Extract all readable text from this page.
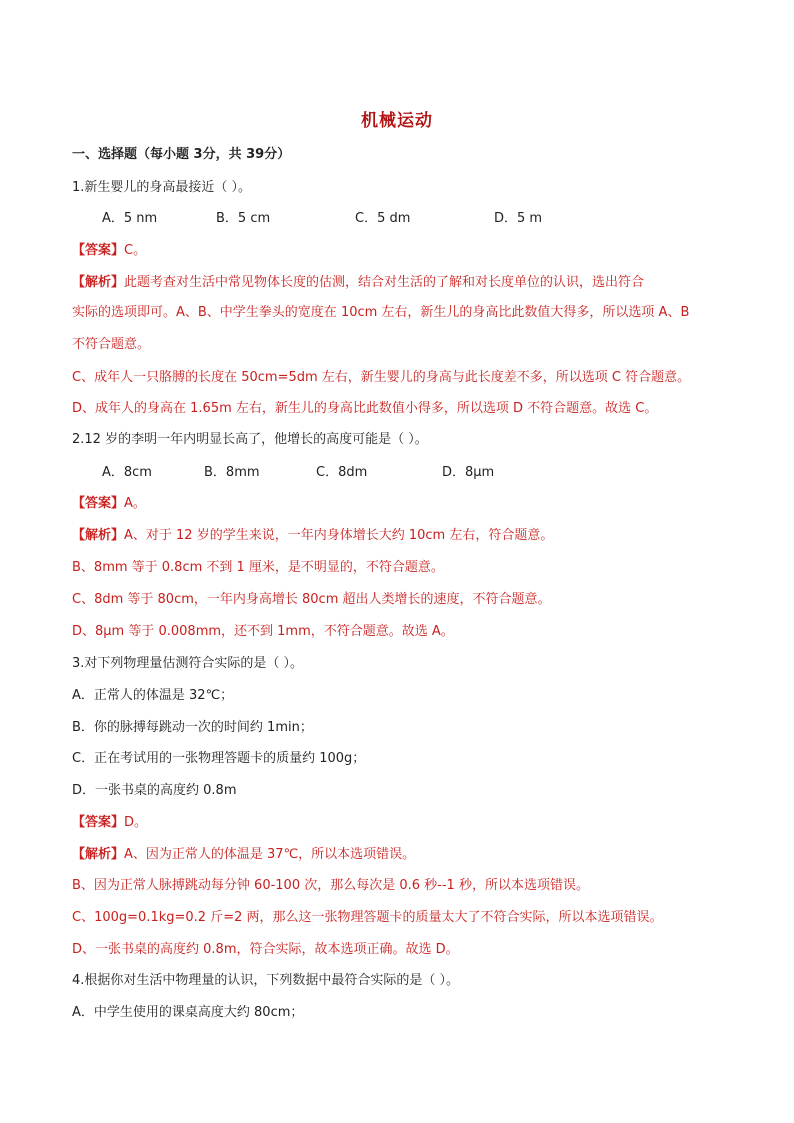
机械运动
一、选择题（每小题 3分，共 39分）
1.新生婴儿的身高最接近（ ）。
A．5 nm	B．5 cm	C．5 dm	D．5 m
【答案】C。
【解析】此题考查对生活中常见物体长度的估测，结合对生活的了解和对长度单位的认识，选出符合
实际的选项即可。A、B、中学生拳头的宽度在 10cm 左右，新生儿的身高比此数值大得多，所以选项 A、B
不符合题意。
C、成年人一只胳膊的长度在 50cm=5dm 左右，新生婴儿的身高与此长度差不多，所以选项 C 符合题意。
D、成年人的身高在 1.65m 左右，新生儿的身高比此数值小得多，所以选项 D 不符合题意。故选 C。
2.12 岁的李明一年内明显长高了，他增长的高度可能是（ ）。
A．8cm	B．8mm	C．8dm	D．8μm
【答案】A。
【解析】A、对于 12 岁的学生来说，一年内身体增长大约 10cm 左右，符合题意。
B、8mm 等于 0.8cm 不到 1 厘米，是不明显的，不符合题意。
C、8dm 等于 80cm，一年内身高增长 80cm 超出人类增长的速度，不符合题意。
D、8μm 等于 0.008mm，还不到 1mm，不符合题意。故选 A。
3.对下列物理量估测符合实际的是（ ）。
A．正常人的体温是 32℃；
B．你的脉搏每跳动一次的时间约 1min；
C．正在考试用的一张物理答题卡的质量约 100g；
D．一张书桌的高度约 0.8m
【答案】D。
【解析】A、因为正常人的体温是 37℃，所以本选项错误。
B、因为正常人脉搏跳动每分钟 60-100 次，那么每次是 0.6 秒--1 秒，所以本选项错误。
C、100g=0.1kg=0.2 斤=2 两，那么这一张物理答题卡的质量太大了不符合实际，所以本选项错误。
D、一张书桌的高度约 0.8m，符合实际，故本选项正确。故选 D。
4.根据你对生活中物理量的认识，下列数据中最符合实际的是（ ）。
A．中学生使用的课桌高度大约 80cm；
